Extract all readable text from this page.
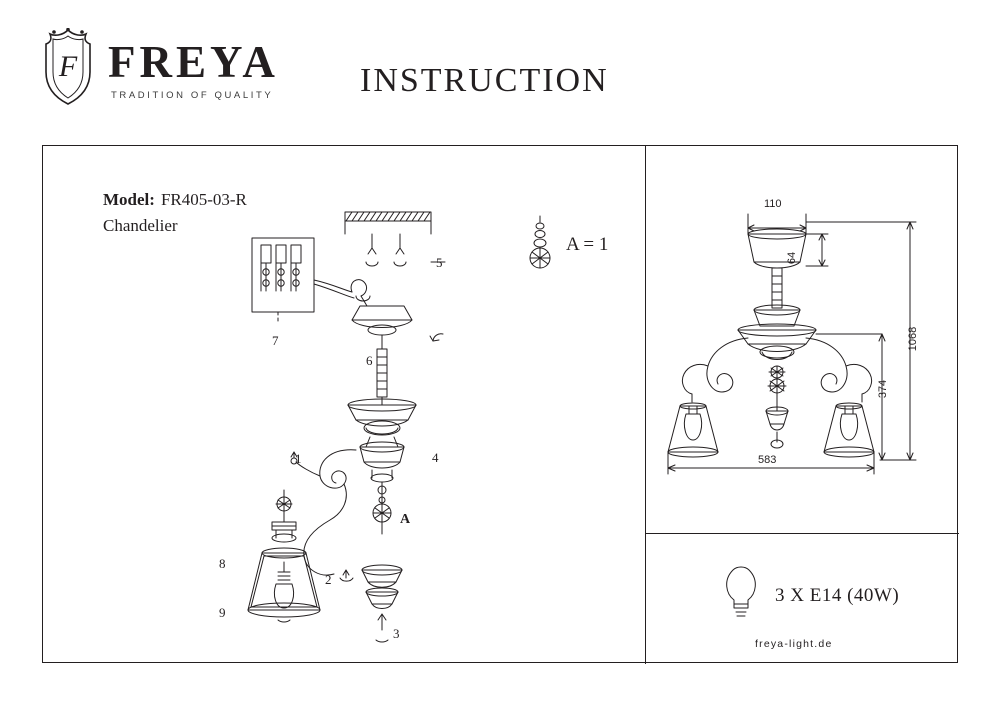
F FREYA
TRADITION OF QUALITY	INSTRUCTION
Model: FR405-03-R
Chandelier
5
7
6
1	4
8
9
2
3
A
A = 1
110
64
1068
374
583
3 X E14 (40W)
freya-light.de
